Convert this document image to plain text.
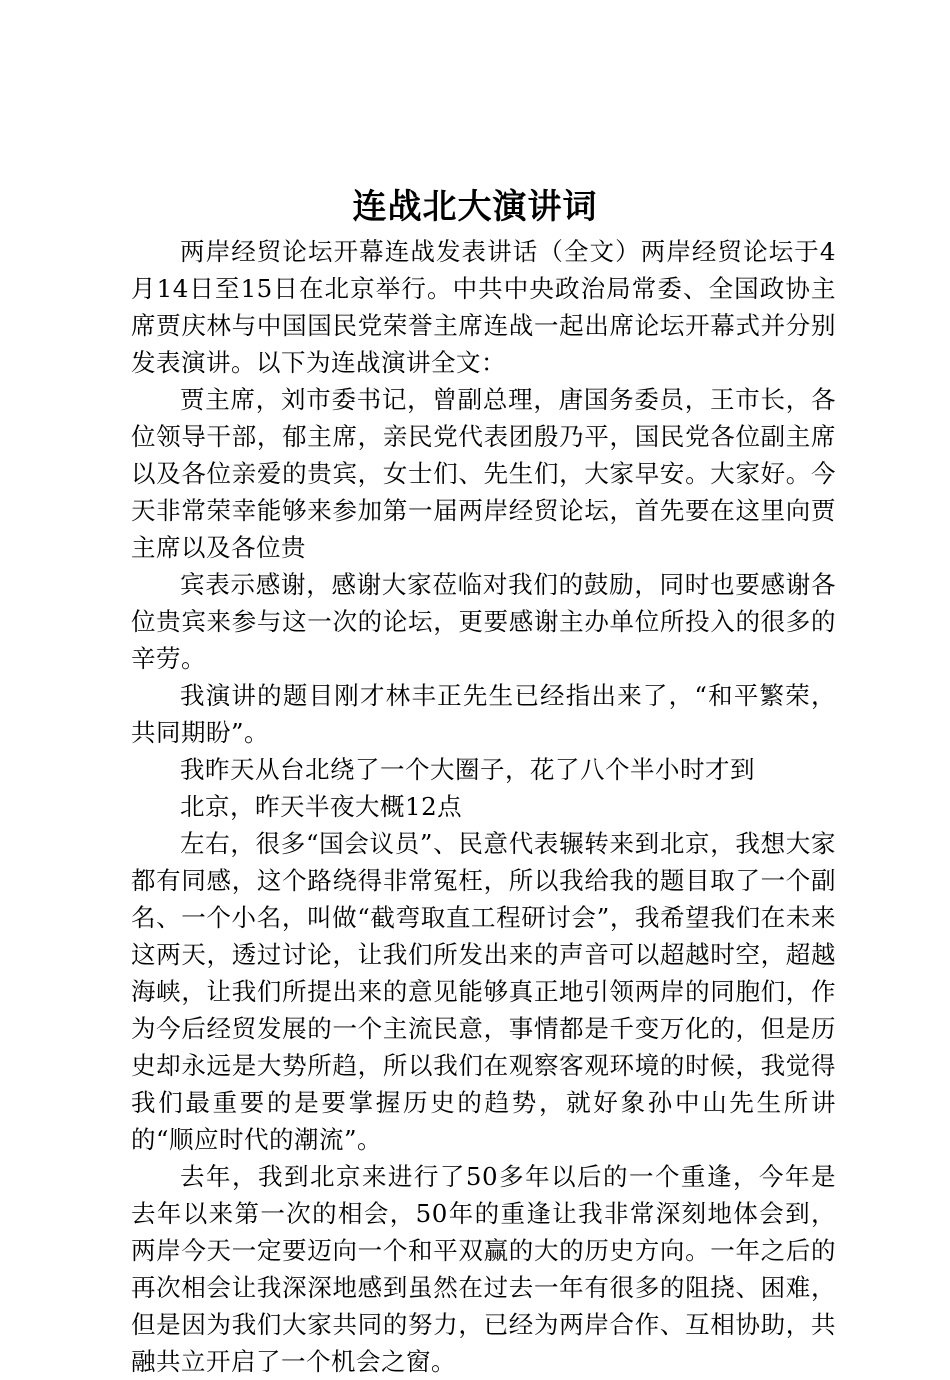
连战北大演讲词

两岸经贸论坛开幕连战发表讲话（全文）两岸经贸论坛于4月14日至15日在北京举行。中共中央政治局常委、全国政协主席贾庆林与中国国民党荣誉主席连战一起出席论坛开幕式并分别发表演讲。以下为连战演讲全文：

贾主席，刘市委书记，曾副总理，唐国务委员，王市长，各位领导干部，郁主席，亲民党代表团殷乃平，国民党各位副主席以及各位亲爱的贵宾，女士们、先生们，大家早安。大家好。今天非常荣幸能够来参加第一届两岸经贸论坛，首先要在这里向贾主席以及各位贵

宾表示感谢，感谢大家莅临对我们的鼓励，同时也要感谢各位贵宾来参与这一次的论坛，更要感谢主办单位所投入的很多的辛劳。

我演讲的题目刚才林丰正先生已经指出来了，“和平繁荣，共同期盼”。

我昨天从台北绕了一个大圈子，花了八个半小时才到

北京，昨天半夜大概12点

左右，很多“国会议员”、民意代表辗转来到北京，我想大家都有同感，这个路绕得非常冤枉，所以我给我的题目取了一个副名、一个小名，叫做“截弯取直工程研讨会”，我希望我们在未来这两天，透过讨论，让我们所发出来的声音可以超越时空，超越海峡，让我们所提出来的意见能够真正地引领两岸的同胞们，作为今后经贸发展的一个主流民意，事情都是千变万化的，但是历史却永远是大势所趋，所以我们在观察客观环境的时候，我觉得我们最重要的是要掌握历史的趋势，就好象孙中山先生所讲的“顺应时代的潮流”。

去年，我到北京来进行了50多年以后的一个重逢，今年是去年以来第一次的相会，50年的重逢让我非常深刻地体会到，两岸今天一定要迈向一个和平双赢的大的历史方向。一年之后的再次相会让我深深地感到虽然在过去一年有很多的阻挠、困难，但是因为我们大家共同的努力，已经为两岸合作、互相协助，共融共立开启了一个机会之窗。
